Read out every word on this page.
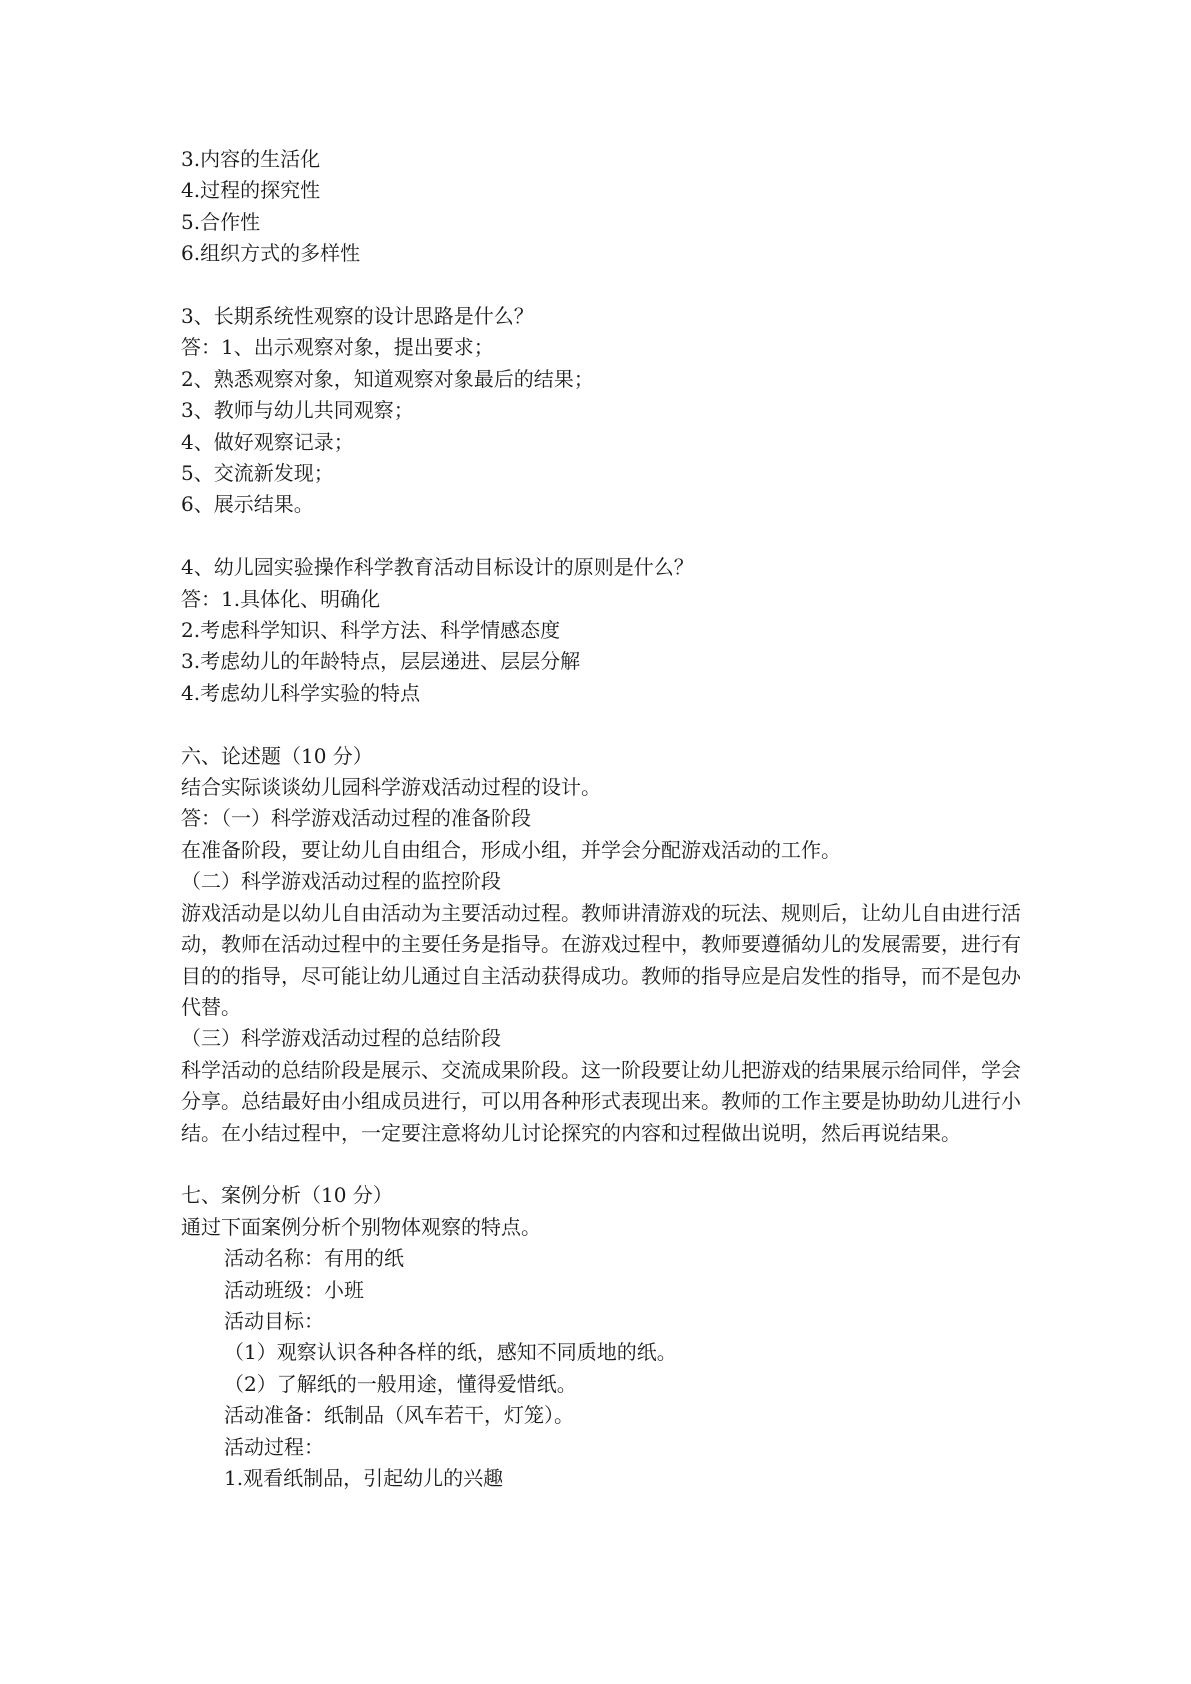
3.内容的生活化
4.过程的探究性
5.合作性
6.组织方式的多样性
3、长期系统性观察的设计思路是什么？
答：1、出示观察对象，提出要求；
2、熟悉观察对象，知道观察对象最后的结果；
3、教师与幼儿共同观察；
4、做好观察记录；
5、交流新发现；
6、展示结果。
4、幼儿园实验操作科学教育活动目标设计的原则是什么？
答：1.具体化、明确化
2.考虑科学知识、科学方法、科学情感态度
3.考虑幼儿的年龄特点，层层递进、层层分解
4.考虑幼儿科学实验的特点
六、论述题（10 分）
结合实际谈谈幼儿园科学游戏活动过程的设计。
答：（一）科学游戏活动过程的准备阶段
在准备阶段，要让幼儿自由组合，形成小组，并学会分配游戏活动的工作。
（二）科学游戏活动过程的监控阶段
游戏活动是以幼儿自由活动为主要活动过程。教师讲清游戏的玩法、规则后，让幼儿自由进行活动，教师在活动过程中的主要任务是指导。在游戏过程中，教师要遵循幼儿的发展需要，进行有目的的指导，尽可能让幼儿通过自主活动获得成功。教师的指导应是启发性的指导，而不是包办代替。
（三）科学游戏活动过程的总结阶段
科学活动的总结阶段是展示、交流成果阶段。这一阶段要让幼儿把游戏的结果展示给同伴，学会分享。总结最好由小组成员进行，可以用各种形式表现出来。教师的工作主要是协助幼儿进行小结。在小结过程中，一定要注意将幼儿讨论探究的内容和过程做出说明，然后再说结果。
七、案例分析（10 分）
通过下面案例分析个别物体观察的特点。
活动名称：有用的纸
活动班级：小班
活动目标：
（1）观察认识各种各样的纸，感知不同质地的纸。
（2）了解纸的一般用途，懂得爱惜纸。
活动准备：纸制品（风车若干，灯笼）。
活动过程：
1.观看纸制品，引起幼儿的兴趣
